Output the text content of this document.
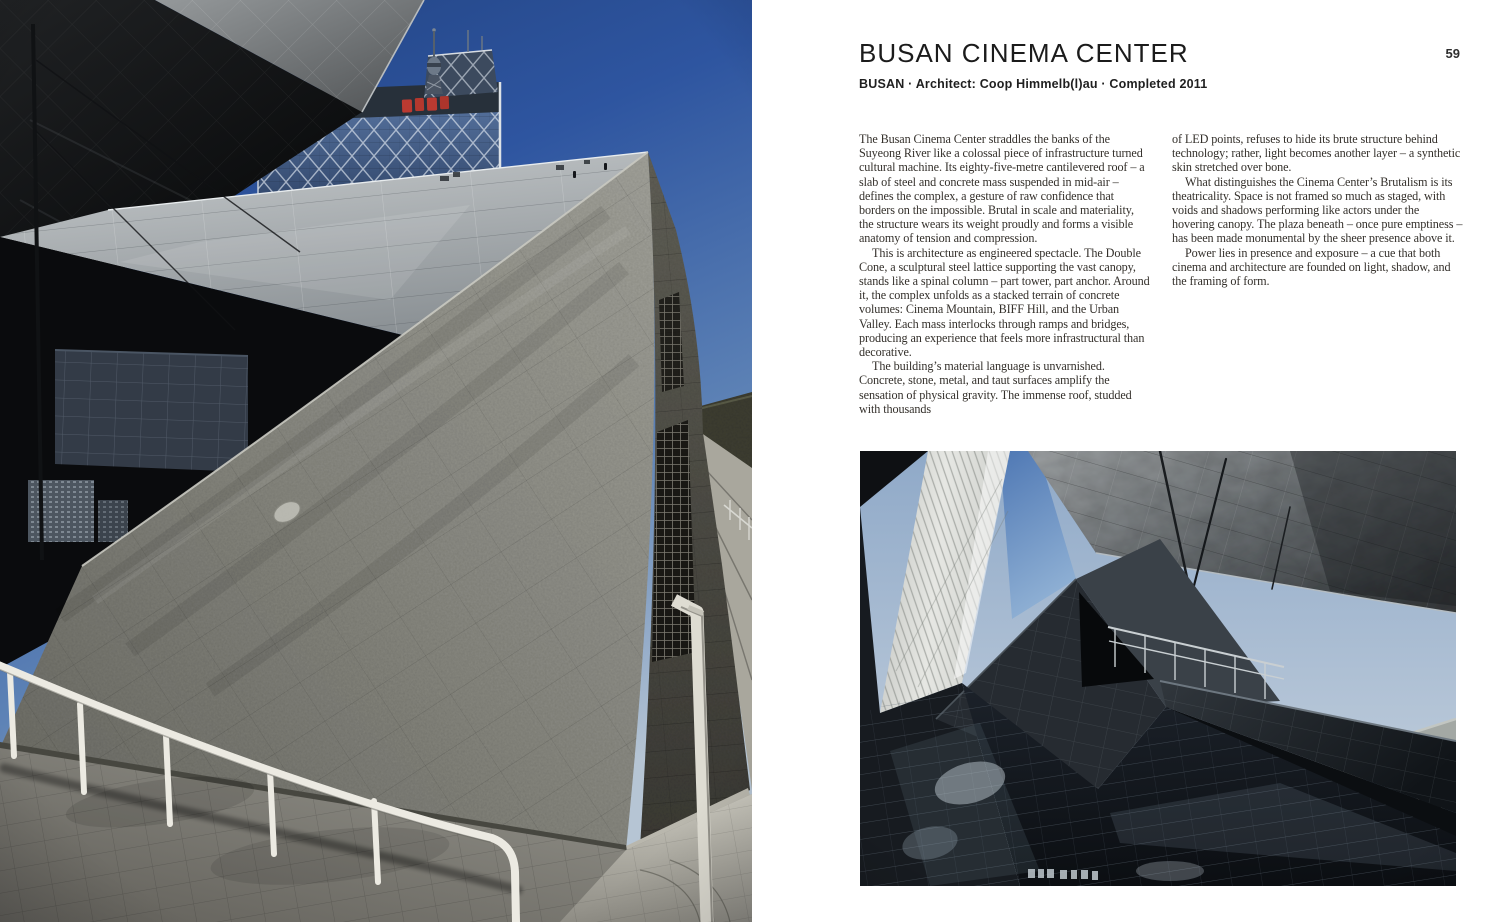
BUSAN CINEMA CENTER	59

BUSAN · Architect: Coop Himmelb(l)au · Completed 2011

The Busan Cinema Center straddles the banks of the Suyeong River like a colossal piece of infrastructure turned cultural machine. Its eighty-five-metre cantilevered roof – a slab of steel and concrete mass suspended in mid-air – defines the complex, a gesture of raw confidence that borders on the impossible. Brutal in scale and materiality, the structure wears its weight proudly and forms a visible anatomy of tension and compression.

This is architecture as engineered spectacle. The Double Cone, a sculptural steel lattice supporting the vast canopy, stands like a spinal column – part tower, part anchor. Around it, the complex unfolds as a stacked terrain of concrete volumes: Cinema Mountain, BIFF Hill, and the Urban Valley. Each mass interlocks through ramps and bridges, producing an experience that feels more infrastructural than decorative.

The building’s material language is unvarnished. Concrete, stone, metal, and taut surfaces amplify the sensation of physical gravity. The immense roof, studded with thousands

of LED points, refuses to hide its brute structure behind technology; rather, light becomes another layer – a synthetic skin stretched over bone.

What distinguishes the Cinema Center’s Brutalism is its theatricality. Space is not framed so much as staged, with voids and shadows performing like actors under the hovering canopy. The plaza beneath – once pure emptiness – has been made monumental by the sheer presence above it.

Power lies in presence and exposure – a cue that both cinema and architecture are founded on light, shadow, and the framing of form.
